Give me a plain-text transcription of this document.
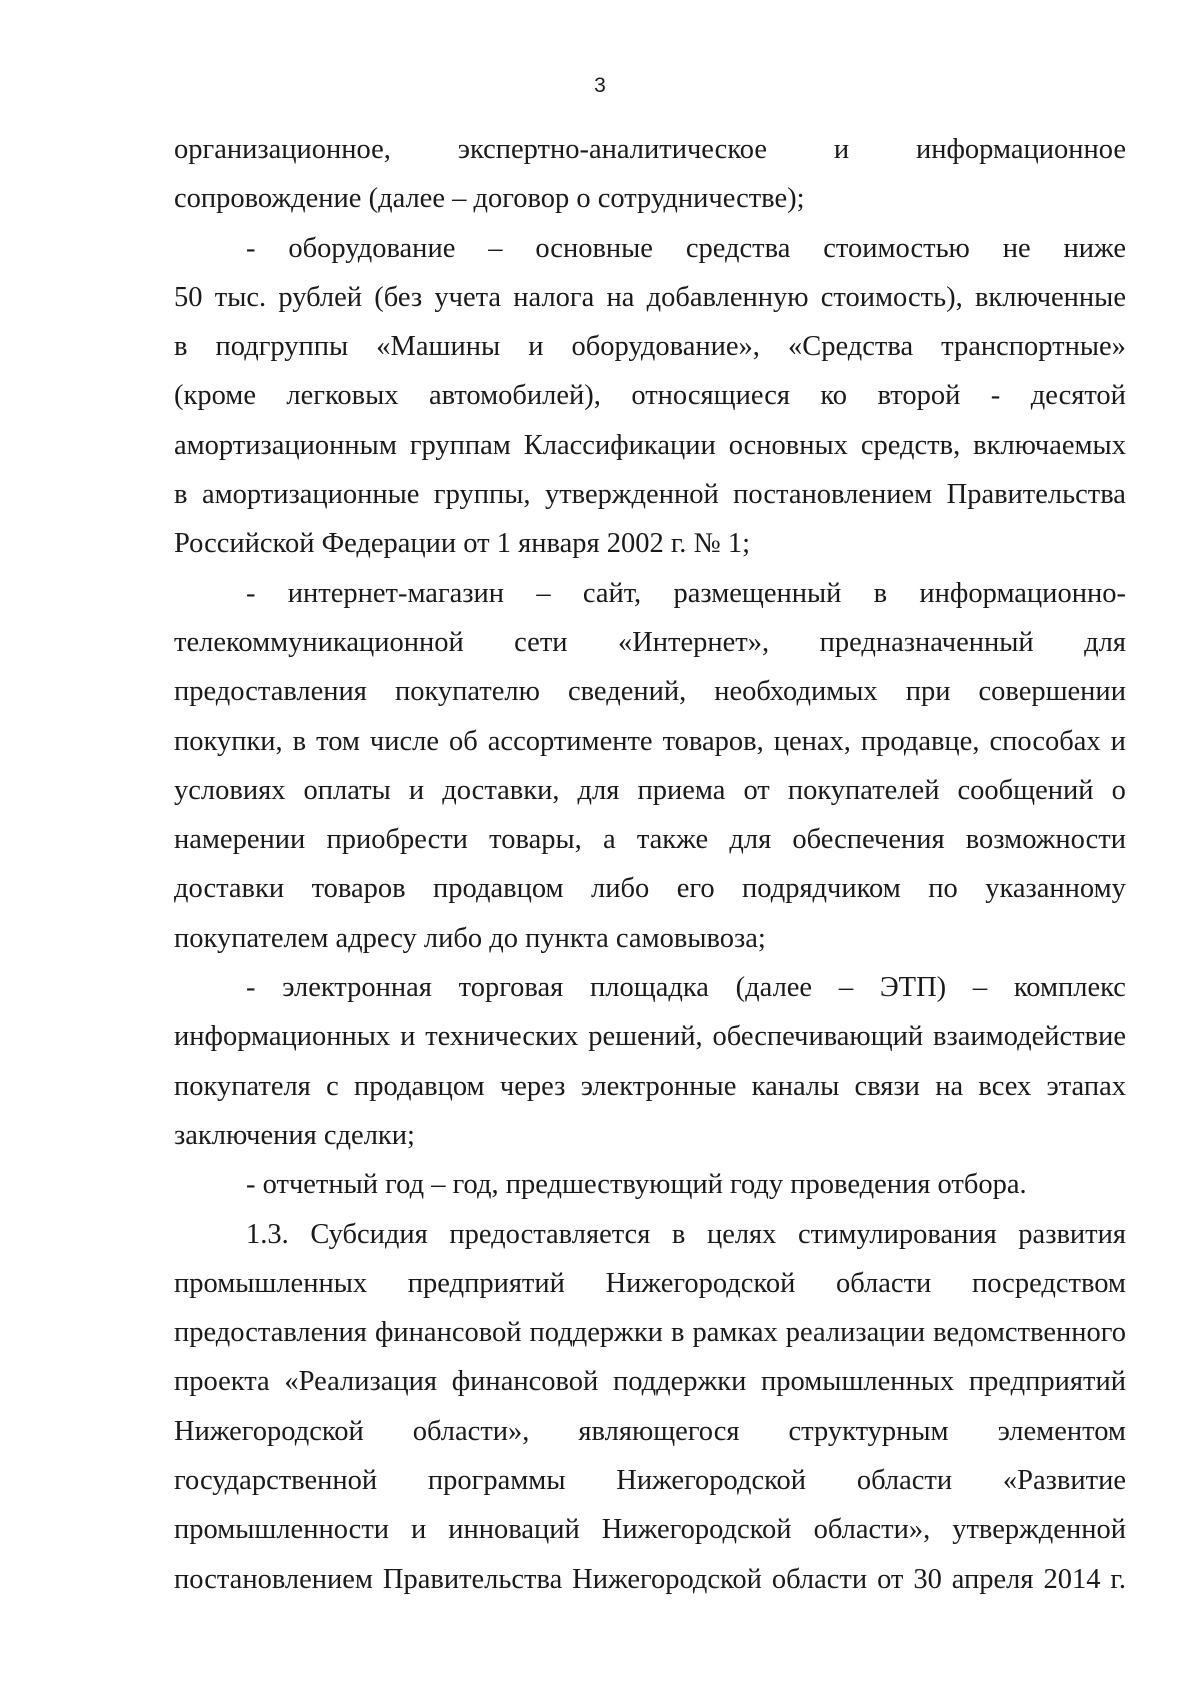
3
организационное, экспертно-аналитическое и информационное
сопровождение (далее – договор о сотрудничестве);
- оборудование – основные средства стоимостью не ниже
50 тыс. рублей (без учета налога на добавленную стоимость), включенные
в подгруппы «Машины и оборудование», «Средства транспортные»
(кроме легковых автомобилей), относящиеся ко второй - десятой
амортизационным группам Классификации основных средств, включаемых
в амортизационные группы, утвержденной постановлением Правительства
Российской Федерации от 1 января 2002 г. № 1;
- интернет-магазин – сайт, размещенный в информационно-
телекоммуникационной сети «Интернет», предназначенный для
предоставления покупателю сведений, необходимых при совершении
покупки, в том числе об ассортименте товаров, ценах, продавце, способах и
условиях оплаты и доставки, для приема от покупателей сообщений о
намерении приобрести товары, а также для обеспечения возможности
доставки товаров продавцом либо его подрядчиком по указанному
покупателем адресу либо до пункта самовывоза;
- электронная торговая площадка (далее – ЭТП) – комплекс
информационных и технических решений, обеспечивающий взаимодействие
покупателя с продавцом через электронные каналы связи на всех этапах
заключения сделки;
- отчетный год – год, предшествующий году проведения отбора.
1.3. Субсидия предоставляется в целях стимулирования развития
промышленных предприятий Нижегородской области посредством
предоставления финансовой поддержки в рамках реализации ведомственного
проекта «Реализация финансовой поддержки промышленных предприятий
Нижегородской области», являющегося структурным элементом
государственной программы Нижегородской области «Развитие
промышленности и инноваций Нижегородской области», утвержденной
постановлением Правительства Нижегородской области от 30 апреля 2014 г.
